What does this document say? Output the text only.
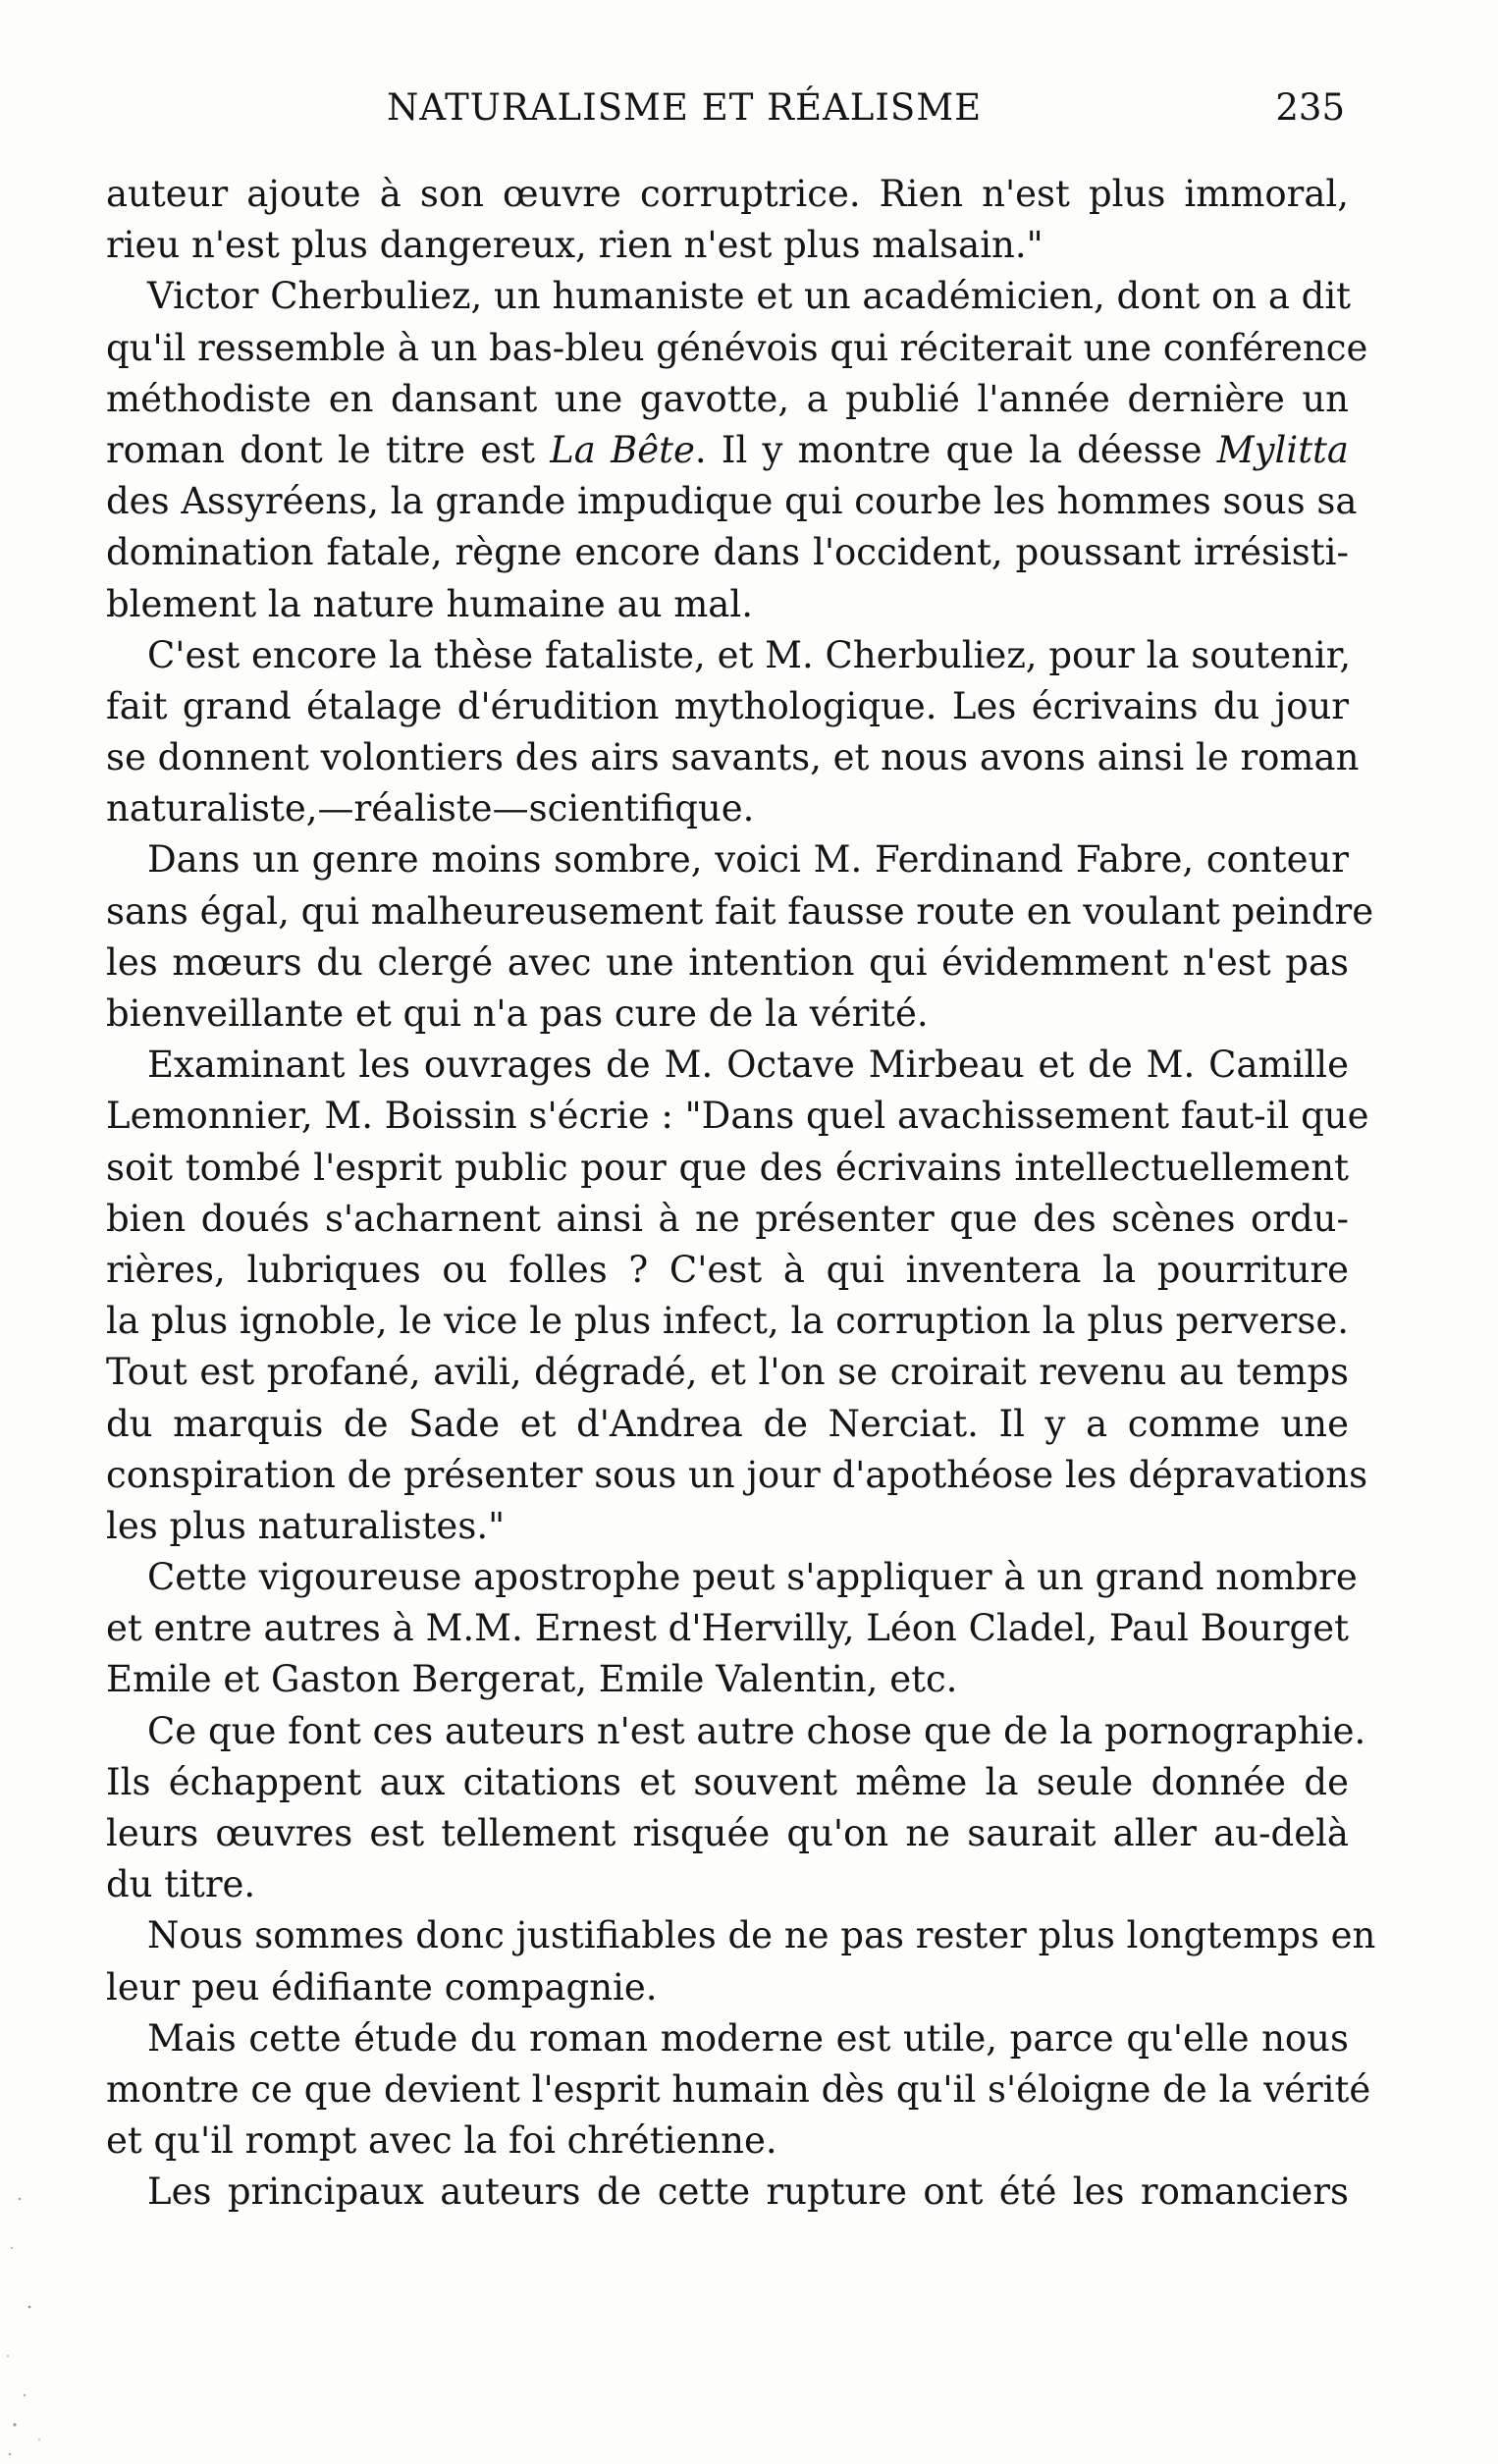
NATURALISME ET RÉALISME	235
auteur ajoute à son œuvre corruptrice. Rien n'est plus immoral,
rieu n'est plus dangereux, rien n'est plus malsain."
Victor Cherbuliez, un humaniste et un académicien, dont on a dit
qu'il ressemble à un bas-bleu génévois qui réciterait une conférence
méthodiste en dansant une gavotte, a publié l'année dernière un
roman dont le titre est La Bête. Il y montre que la déesse Mylitta
des Assyréens, la grande impudique qui courbe les hommes sous sa
domination fatale, règne encore dans l'occident, poussant irrésisti-
blement la nature humaine au mal.
C'est encore la thèse fataliste, et M. Cherbuliez, pour la soutenir,
fait grand étalage d'érudition mythologique. Les écrivains du jour
se donnent volontiers des airs savants, et nous avons ainsi le roman
naturaliste,—réaliste—scientifique.
Dans un genre moins sombre, voici M. Ferdinand Fabre, conteur
sans égal, qui malheureusement fait fausse route en voulant peindre
les mœurs du clergé avec une intention qui évidemment n'est pas
bienveillante et qui n'a pas cure de la vérité.
Examinant les ouvrages de M. Octave Mirbeau et de M. Camille
Lemonnier, M. Boissin s'écrie : "Dans quel avachissement faut-il que
soit tombé l'esprit public pour que des écrivains intellectuellement
bien doués s'acharnent ainsi à ne présenter que des scènes ordu-
rières, lubriques ou folles ? C'est à qui inventera la pourriture
la plus ignoble, le vice le plus infect, la corruption la plus perverse.
Tout est profané, avili, dégradé, et l'on se croirait revenu au temps
du marquis de Sade et d'Andrea de Nerciat. Il y a comme une
conspiration de présenter sous un jour d'apothéose les dépravations
les plus naturalistes."
Cette vigoureuse apostrophe peut s'appliquer à un grand nombre
et entre autres à M.M. Ernest d'Hervilly, Léon Cladel, Paul Bourget
Emile et Gaston Bergerat, Emile Valentin, etc.
Ce que font ces auteurs n'est autre chose que de la pornographie.
Ils échappent aux citations et souvent même la seule donnée de
leurs œuvres est tellement risquée qu'on ne saurait aller au-delà
du titre.
Nous sommes donc justifiables de ne pas rester plus longtemps en
leur peu édifiante compagnie.
Mais cette étude du roman moderne est utile, parce qu'elle nous
montre ce que devient l'esprit humain dès qu'il s'éloigne de la vérité
et qu'il rompt avec la foi chrétienne.
Les principaux auteurs de cette rupture ont été les romanciers
